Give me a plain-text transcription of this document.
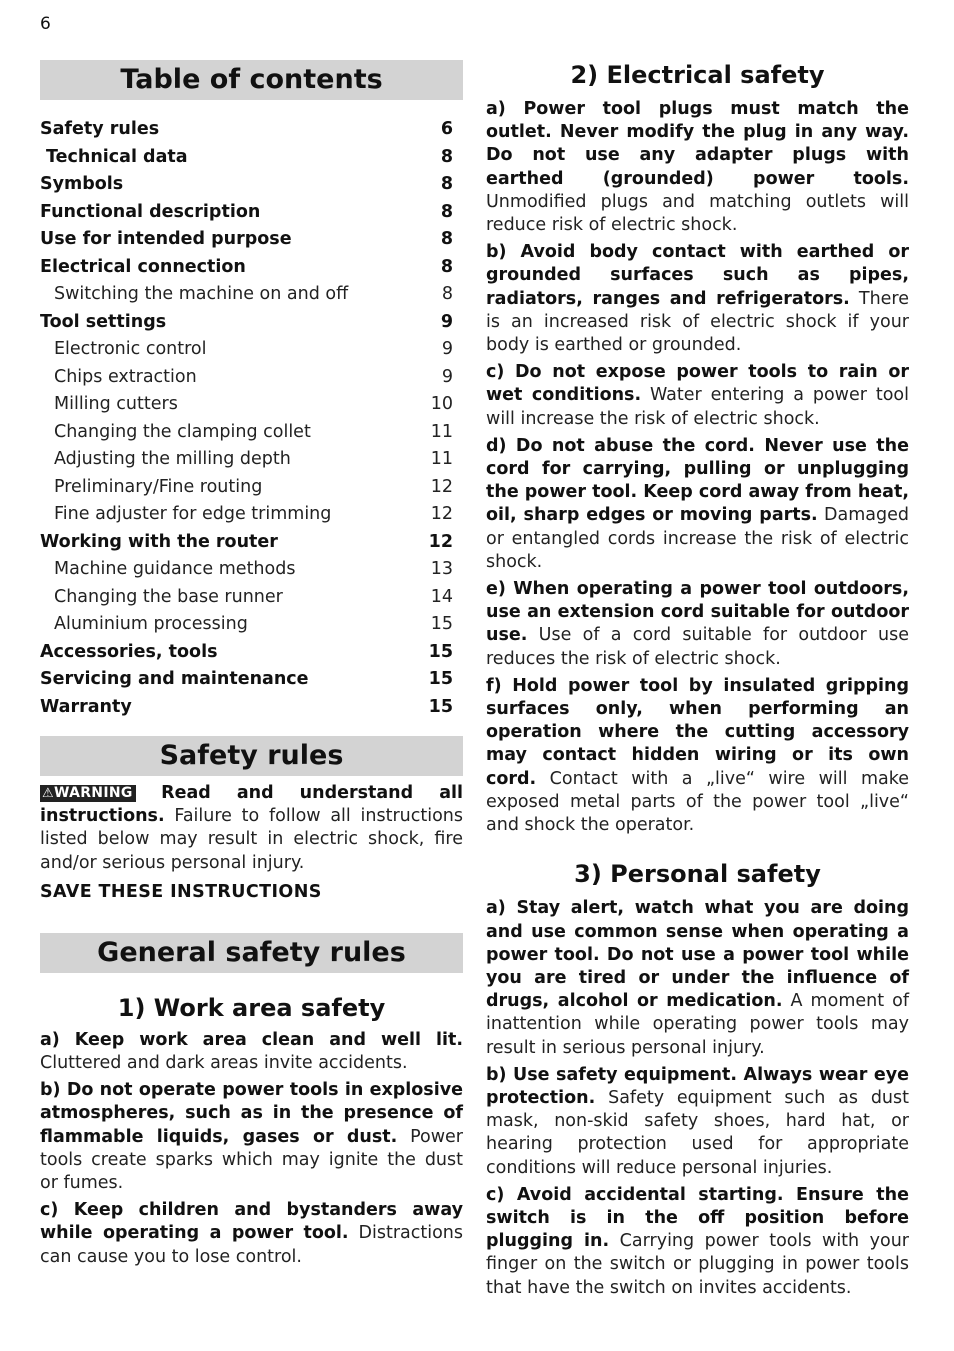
6
Table of contents
Safety rules	6
Technical data	8
Symbols	8
Functional description	8
Use for intended purpose	8
Electrical connection	8
Switching the machine on and off	8
Tool settings	9
Electronic control	9
Chips extraction	9
Milling cutters	10
Changing the clamping collet	11
Adjusting the milling depth	11
Preliminary/Fine routing	12
Fine adjuster for edge trimming	12
Working with the router	12
Machine guidance methods	13
Changing the base runner	14
Aluminium processing	15
Accessories, tools	15
Servicing and maintenance	15
Warranty	15
Safety rules

⚠WARNING Read and understand all instructions. Failure to follow all instructions listed below may result in electric shock, fire and/or serious personal injury.

SAVE THESE INSTRUCTIONS
General safety rules
1) Work area safety

a) Keep work area clean and well lit. Cluttered and dark areas invite accidents.

b) Do not operate power tools in explosive atmospheres, such as in the presence of flammable liquids, gases or dust. Power tools create sparks which may ignite the dust or fumes.

c) Keep children and bystanders away while operating a power tool. Distractions can cause you to lose control.

2) Electrical safety

a) Power tool plugs must match the outlet. Never modify the plug in any way. Do not use any adapter plugs with earthed (grounded) power tools. Unmodified plugs and matching outlets will reduce risk of electric shock.

b) Avoid body contact with earthed or grounded surfaces such as pipes, radiators, ranges and refrigerators. There is an increased risk of electric shock if your body is earthed or grounded.

c) Do not expose power tools to rain or wet conditions. Water entering a power tool will increase the risk of electric shock.

d) Do not abuse the cord. Never use the cord for carrying, pulling or unplugging the power tool. Keep cord away from heat, oil, sharp edges or moving parts. Damaged or entangled cords increase the risk of electric shock.

e) When operating a power tool outdoors, use an extension cord suitable for outdoor use. Use of a cord suitable for outdoor use reduces the risk of electric shock.

f) Hold power tool by insulated gripping surfaces only, when performing an operation where the cutting accessory may contact hidden wiring or its own cord. Contact with a „live“ wire will make exposed metal parts of the power tool „live“ and shock the operator.

3) Personal safety

a) Stay alert, watch what you are doing and use common sense when operating a power tool. Do not use a power tool while you are tired or under the influence of drugs, alcohol or medication. A moment of inattention while operating power tools may result in serious personal injury.

b) Use safety equipment. Always wear eye protection. Safety equipment such as dust mask, non-skid safety shoes, hard hat, or hearing protection used for appropriate conditions will reduce personal injuries.

c) Avoid accidental starting. Ensure the switch is in the off position before plugging in. Carrying power tools with your finger on the switch or plugging in power tools that have the switch on invites accidents.
